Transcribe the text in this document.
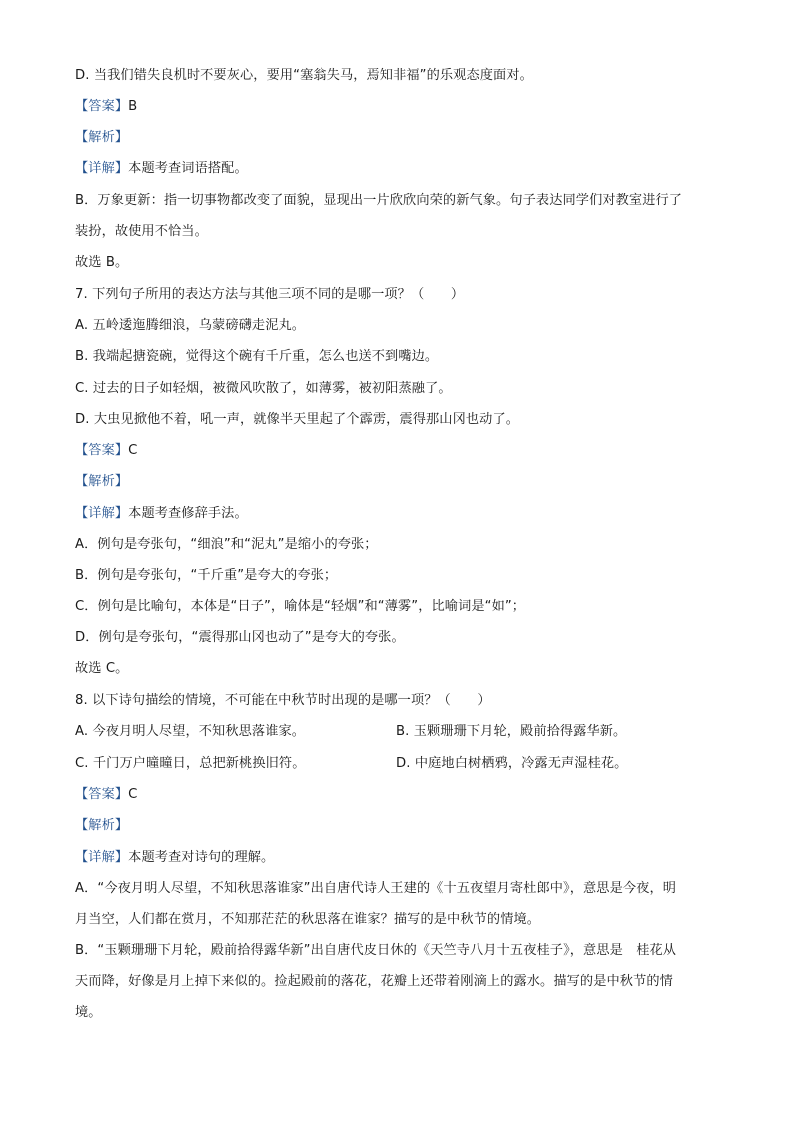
D. 当我们错失良机时不要灰心，要用“塞翁失马，焉知非福”的乐观态度面对。
【答案】B
【解析】
【详解】本题考查词语搭配。
B．万象更新：指一切事物都改变了面貌，显现出一片欣欣向荣的新气象。句子表达同学们对教室进行了
装扮，故使用不恰当。
故选 B。
7. 下列句子所用的表达方法与其他三项不同的是哪一项？（　　）
A. 五岭逶迤腾细浪，乌蒙磅礴走泥丸。
B. 我端起搪瓷碗，觉得这个碗有千斤重，怎么也送不到嘴边。
C. 过去的日子如轻烟，被微风吹散了，如薄雾，被初阳蒸融了。
D. 大虫见掀他不着，吼一声，就像半天里起了个霹雳，震得那山冈也动了。
【答案】C
【解析】
【详解】本题考查修辞手法。
A．例句是夸张句，“细浪”和“泥丸”是缩小的夸张；
B．例句是夸张句，“千斤重”是夸大的夸张；
C．例句是比喻句，本体是“日子”，喻体是“轻烟”和“薄雾”，比喻词是“如”；
D．例句是夸张句，“震得那山冈也动了”是夸大的夸张。
故选 C。
8. 以下诗句描绘的情境，不可能在中秋节时出现的是哪一项？（　　）
A. 今夜月明人尽望，不知秋思落谁家。	B. 玉颗珊珊下月轮，殿前拾得露华新。
C. 千门万户曈曈日，总把新桃换旧符。	D. 中庭地白树栖鸦，冷露无声湿桂花。
【答案】C
【解析】
【详解】本题考查对诗句的理解。
A．“今夜月明人尽望，不知秋思落谁家”出自唐代诗人王建的《十五夜望月寄杜郎中》，意思是今夜，明
月当空，人们都在赏月，不知那茫茫的秋思落在谁家？描写的是中秋节的情境。
B．“玉颗珊珊下月轮，殿前拾得露华新”出自唐代皮日休的《天竺寺八月十五夜桂子》，意思是　桂花从
天而降，好像是月上掉下来似的。捡起殿前的落花，花瓣上还带着刚滴上的露水。描写的是中秋节的情
境。
